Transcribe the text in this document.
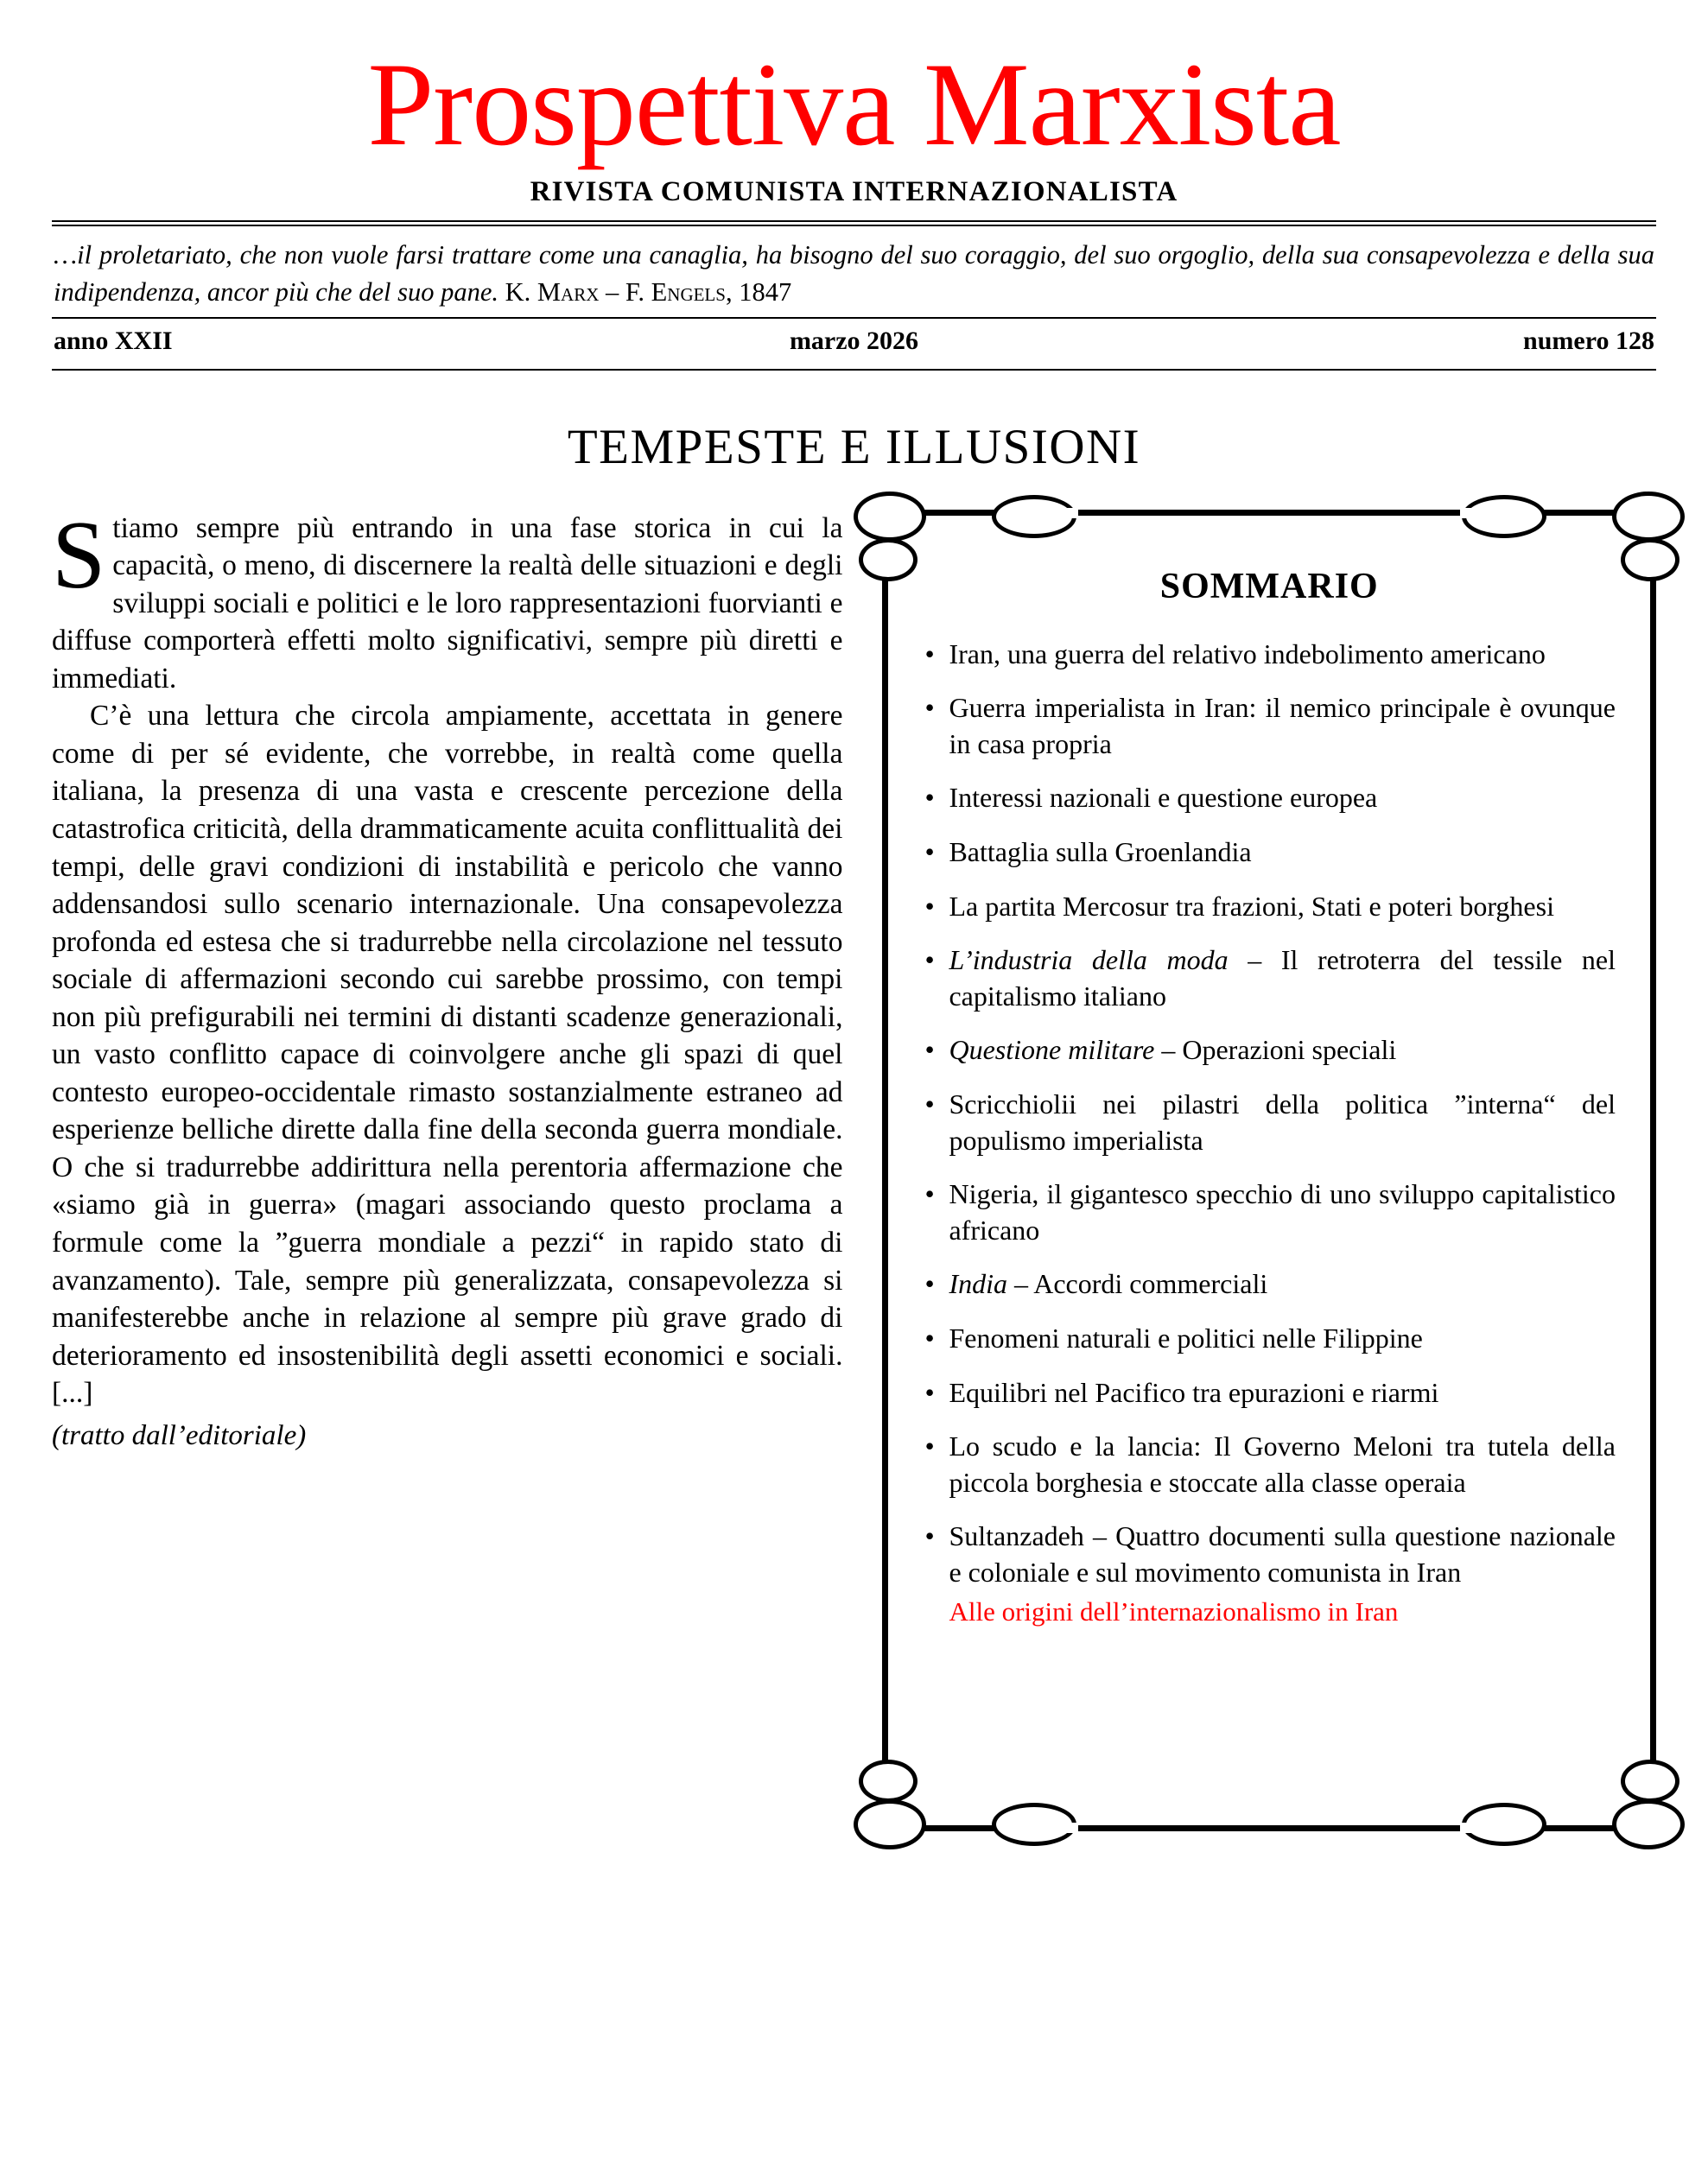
Prospettiva Marxista
RIVISTA COMUNISTA INTERNAZIONALISTA
…il proletariato, che non vuole farsi trattare come una canaglia, ha bisogno del suo coraggio, del suo orgoglio, della sua consapevolezza e della sua indipendenza, ancor più che del suo pane. K. Marx – F. Engels, 1847
anno XXII	marzo 2026	numero 128
TEMPESTE E ILLUSIONI

Stiamo sempre più entrando in una fase storica in cui la capacità, o meno, di discernere la realtà delle situazioni e degli sviluppi sociali e politici e le loro rappresentazioni fuorvianti e diffuse comporterà effetti molto significativi, sempre più diretti e immediati.

C’è una lettura che circola ampiamente, accettata in genere come di per sé evidente, che vorrebbe, in realtà come quella italiana, la presenza di una vasta e crescente percezione della catastrofica criticità, della drammaticamente acuita conflittualità dei tempi, delle gravi condizioni di instabilità e pericolo che vanno addensandosi sullo scenario internazionale. Una consapevolezza profonda ed estesa che si tradurrebbe nella circolazione nel tessuto sociale di affermazioni secondo cui sarebbe prossimo, con tempi non più prefigurabili nei termini di distanti scadenze generazionali, un vasto conflitto capace di coinvolgere anche gli spazi di quel contesto europeo-occidentale rimasto sostanzialmente estraneo ad esperienze belliche dirette dalla fine della seconda guerra mondiale. O che si tradurrebbe addirittura nella perentoria affermazione che «siamo già in guerra» (magari associando questo proclama a formule come la ”guerra mondiale a pezzi“ in rapido stato di avanzamento). Tale, sempre più generalizzata, consapevolezza si manifesterebbe anche in relazione al sempre più grave grado di deterioramento ed insostenibilità degli assetti economici e sociali. [...]

(tratto dall’editoriale)
SOMMARIO
• Iran, una guerra del relativo indebolimento americano
• Guerra imperialista in Iran: il nemico principale è ovunque in casa propria
• Interessi nazionali e questione europea
• Battaglia sulla Groenlandia
• La partita Mercosur tra frazioni, Stati e poteri borghesi
• L’industria della moda – Il retroterra del tessile nel capitalismo italiano
• Questione militare – Operazioni speciali
• Scricchiolii nei pilastri della politica ”interna“ del populismo imperialista
• Nigeria, il gigantesco specchio di uno sviluppo capitalistico africano
• India – Accordi commerciali
• Fenomeni naturali e politici nelle Filippine
• Equilibri nel Pacifico tra epurazioni e riarmi
• Lo scudo e la lancia: Il Governo Meloni tra tutela della piccola borghesia e stoccate alla classe operaia
• Sultanzadeh – Quattro documenti sulla questione nazionale e coloniale e sul movimento comunista in Iran
Alle origini dell’internazionalismo in Iran
